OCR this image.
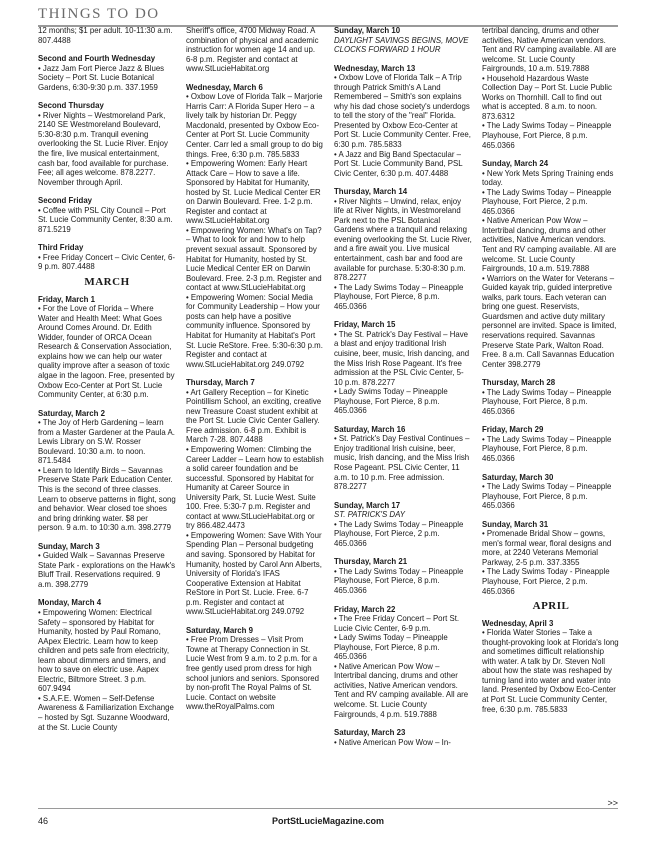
THINGS TO DO
12 months; $1 per adult. 10-11:30 a.m. 807.4488
Second and Fourth Wednesday
• Jazz Jam Fort Pierce Jazz & Blues Society – Port St. Lucie Botanical Gardens, 6:30-9:30 p.m. 337.1959
Second Thursday
• River Nights – Westmoreland Park, 2140 SE Westmoreland Boulevard, 5:30-8:30 p.m. Tranquil evening overlooking the St. Lucie River. Enjoy the fire, live musical entertainment, cash bar, food available for purchase. Fee; all ages welcome. 878.2277. November through April.
Second Friday
• Coffee with PSL City Council – Port St. Lucie Community Center, 8:30 a.m. 871.5219
Third Friday
• Free Friday Concert – Civic Center, 6-9 p.m. 807.4488
MARCH
Friday, March 1
• For the Love of Florida – Where Water and Health Meet: What Goes Around Comes Around. Dr. Edith Widder, founder of ORCA Ocean Research & Conservation Association, explains how we can help our water quality improve after a season of toxic algae in the lagoon. Free, presented by Oxbow Eco-Center at Port St. Lucie Community Center, at 6:30 p.m.
Saturday, March 2
• The Joy of Herb Gardening – learn from a Master Gardener at the Paula A. Lewis Library on S.W. Rosser Boulevard. 10:30 a.m. to noon. 871.5484
• Learn to Identify Birds – Savannas Preserve State Park Education Center. This is the second of three classes. Learn to observe patterns in flight, song and behavior. Wear closed toe shoes and bring drinking water. $8 per person. 9 a.m. to 10:30 a.m. 398.2779
Sunday, March 3
• Guided Walk – Savannas Preserve State Park - explorations on the Hawk's Bluff Trail. Reservations required. 9 a.m. 398.2779
Monday, March 4
• Empowering Women: Electrical Safety – sponsored by Habitat for Humanity, hosted by Paul Romano, AApex Electric. Learn how to keep children and pets safe from electricity, learn about dimmers and timers, and how to save on electric use. Aapex Electric, Biltmore Street. 3 p.m. 607.9494
• S.A.F.E. Women – Self-Defense Awareness & Familiarization Exchange – hosted by Sgt. Suzanne Woodward, at the St. Lucie County
Sheriff's office, 4700 Midway Road. A combination of physical and academic instruction for women age 14 and up. 6-8 p.m. Register and contact at www.StLucieHabitat.org
Wednesday, March 6
• Oxbow Love of Florida Talk – Marjorie Harris Carr: A Florida Super Hero – a lively talk by historian Dr. Peggy Macdonald, presented by Oxbow Eco-Center at Port St. Lucie Community Center. Carr led a small group to do big things. Free, 6:30 p.m. 785.5833
• Empowering Women: Early Heart Attack Care – How to save a life. Sponsored by Habitat for Humanity, hosted by St. Lucie Medical Center ER on Darwin Boulevard. Free. 1-2 p.m. Register and contact at www.StLucieHabitat.org
• Empowering Women: What's on Tap? – What to look for and how to help prevent sexual assault. Sponsored by Habitat for Humanity, hosted by St. Lucie Medical Center ER on Darwin Boulevard. Free. 2-3 p.m. Register and contact at www.StLucieHabitat.org
• Empowering Women: Social Media for Community Leadership – How your posts can help have a positive community influence. Sponsored by Habitat for Humanity at Habitat's Port St. Lucie ReStore. Free. 5:30-6:30 p.m. Register and contact at www.StLucieHabitat.org 249.0792
Thursday, March 7
• Art Gallery Reception – for Kinetic Pointillism School, an exciting, creative new Treasure Coast student exhibit at the Port St. Lucie Civic Center Gallery. Free admission. 6-8 p.m. Exhibit is March 7-28. 807.4488
• Empowering Women: Climbing the Career Ladder – Learn how to establish a solid career foundation and be successful. Sponsored by Habitat for Humanity at Career Source in University Park, St. Lucie West. Suite 100. Free. 5:30-7 p.m. Register and contact at www.StLucieHabitat.org or try 866.482.4473
• Empowering Women: Save With Your Spending Plan – Personal budgeting and saving. Sponsored by Habitat for Humanity, hosted by Carol Ann Alberts, University of Florida's IFAS Cooperative Extension at Habitat ReStore in Port St. Lucie. Free. 6-7 p.m. Register and contact at www.StLucieHabitat.org 249.0792
Saturday, March 9
• Free Prom Dresses – Visit Prom Towne at Therapy Connection in St. Lucie West from 9 a.m. to 2 p.m. for a free gently used prom dress for high school juniors and seniors. Sponsored by non-profit The Royal Palms of St. Lucie. Contact on website www.theRoyalPalms.com
Sunday, March 10
DAYLIGHT SAVINGS BEGINS, MOVE CLOCKS FORWARD 1 HOUR
Wednesday, March 13
• Oxbow Love of Florida Talk – A Trip through Patrick Smith's A Land Remembered – Smith's son explains why his dad chose society's underdogs to tell the story of the "real" Florida. Presented by Oxbow Eco-Center at Port St. Lucie Community Center. Free, 6:30 p.m. 785.5833
• A Jazz and Big Band Spectacular – Port St. Lucie Community Band, PSL Civic Center, 6:30 p.m. 407.4488
Thursday, March 14
• River Nights – Unwind, relax, enjoy life at River Nights, in Westmoreland Park next to the PSL Botanical Gardens where a tranquil and relaxing evening overlooking the St. Lucie River, and a fire await you. Live musical entertainment, cash bar and food are available for purchase. 5:30-8:30 p.m. 878.2277
• The Lady Swims Today – Pineapple Playhouse, Fort Pierce, 8 p.m. 465.0366
Friday, March 15
• The St. Patrick's Day Festival – Have a blast and enjoy traditional Irish cuisine, beer, music, Irish dancing, and the Miss Irish Rose Pageant. It's free admission at the PSL Civic Center, 5-10 p.m. 878.2277
• Lady Swims Today – Pineapple Playhouse, Fort Pierce, 8 p.m. 465.0366
Saturday, March 16
• St. Patrick's Day Festival Continues – Enjoy traditional Irish cuisine, beer, music, Irish dancing, and the Miss Irish Rose Pageant. PSL Civic Center, 11 a.m. to 10 p.m. Free admission. 878.2277
Sunday, March 17
ST. PATRICK'S DAY
• The Lady Swims Today – Pineapple Playhouse, Fort Pierce, 2 p.m. 465.0366
Thursday, March 21
• The Lady Swims Today – Pineapple Playhouse, Fort Pierce, 8 p.m. 465.0366
Friday, March 22
• The Free Friday Concert – Port St. Lucie Civic Center, 6-9 p.m.
• Lady Swims Today – Pineapple Playhouse, Fort Pierce, 8 p.m. 465.0366
• Native American Pow Wow – Intertribal dancing, drums and other activities, Native American vendors. Tent and RV camping available. All are welcome. St. Lucie County Fairgrounds, 4 p.m. 519.7888
Saturday, March 23
• Native American Pow Wow – In-
tertribal dancing, drums and other activities, Native American vendors. Tent and RV camping available. All are welcome. St. Lucie County Fairgrounds, 10 a.m. 519.7888
• Household Hazardous Waste Collection Day – Port St. Lucie Public Works on Thornhill. Call to find out what is accepted. 8 a.m. to noon. 873.6312
• The Lady Swims Today – Pineapple Playhouse, Fort Pierce, 8 p.m. 465.0366
Sunday, March 24
• New York Mets Spring Training ends today.
• The Lady Swims Today – Pineapple Playhouse, Fort Pierce, 2 p.m. 465.0366
• Native American Pow Wow – Intertribal dancing, drums and other activities, Native American vendors. Tent and RV camping available. All are welcome. St. Lucie County Fairgrounds, 10 a.m. 519.7888
• Warriors on the Water for Veterans – Guided kayak trip, guided interpretive walks, park tours. Each veteran can bring one guest. Reservists, Guardsmen and active duty military personnel are invited. Space is limited, reservations required. Savannas Preserve State Park, Walton Road. Free. 8 a.m. Call Savannas Education Center 398.2779
Thursday, March 28
• The Lady Swims Today – Pineapple Playhouse, Fort Pierce, 8 p.m. 465.0366
Friday, March 29
• The Lady Swims Today – Pineapple Playhouse, Fort Pierce, 8 p.m. 465.0366
Saturday, March 30
• The Lady Swims Today – Pineapple Playhouse, Fort Pierce, 8 p.m. 465.0366
Sunday, March 31
• Promenade Bridal Show – gowns, men's formal wear, floral designs and more, at 2240 Veterans Memorial Parkway, 2-5 p.m. 337.3355
• The Lady Swims Today - Pineapple Playhouse, Fort Pierce, 2 p.m. 465.0366
APRIL
Wednesday, April 3
• Florida Water Stories – Take a thought-provoking look at Florida's long and sometimes difficult relationship with water. A talk by Dr. Steven Noll about how the state was reshaped by turning land into water and water into land. Presented by Oxbow Eco-Center at Port St. Lucie Community Center, free, 6:30 p.m. 785.5833
>>
46	PortStLucieMagazine.com
